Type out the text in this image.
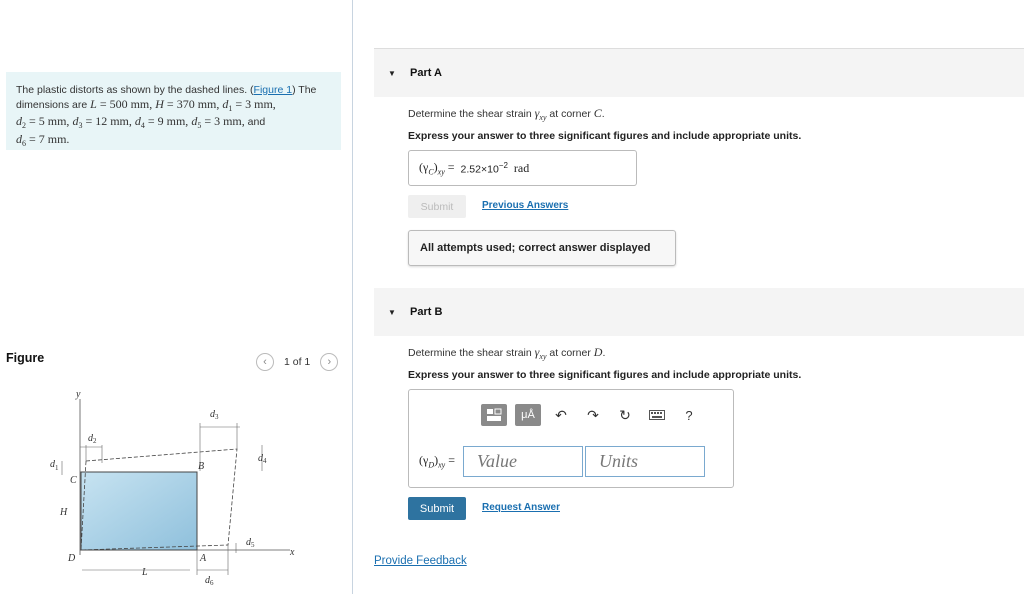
The plastic distorts as shown by the dashed lines. (Figure 1) The dimensions are L = 500 mm, H = 370 mm, $d_1 = 3$ mm,
$d_2 = 5$ mm, $d_3 = 12$ mm, $d_4 = 9$ mm, $d_5 = 3$ mm, and
$d_6 = 7$ mm.
Figure	‹	1 of 1	›
y
x
d
d
d
d
d
d
C
B
D	A
H
L
1
2
3
4
5
6
▼	Part A
Determine the shear strain $\gamma_{xy}$ at corner C.
Express your answer to three significant figures and include appropriate units.
$(\gamma_C)_{xy} = 2.52\times 10^{-2}$ rad
Submit	Previous Answers
All attempts used; correct answer displayed
▼	Part B
Determine the shear strain $\gamma_{xy}$ at corner D.
Express your answer to three significant figures and include appropriate units.
μÅ	↶	↷	↻	?
$(\gamma_D)_{xy}$ =	Value	Units
Submit	Request Answer
Provide Feedback
